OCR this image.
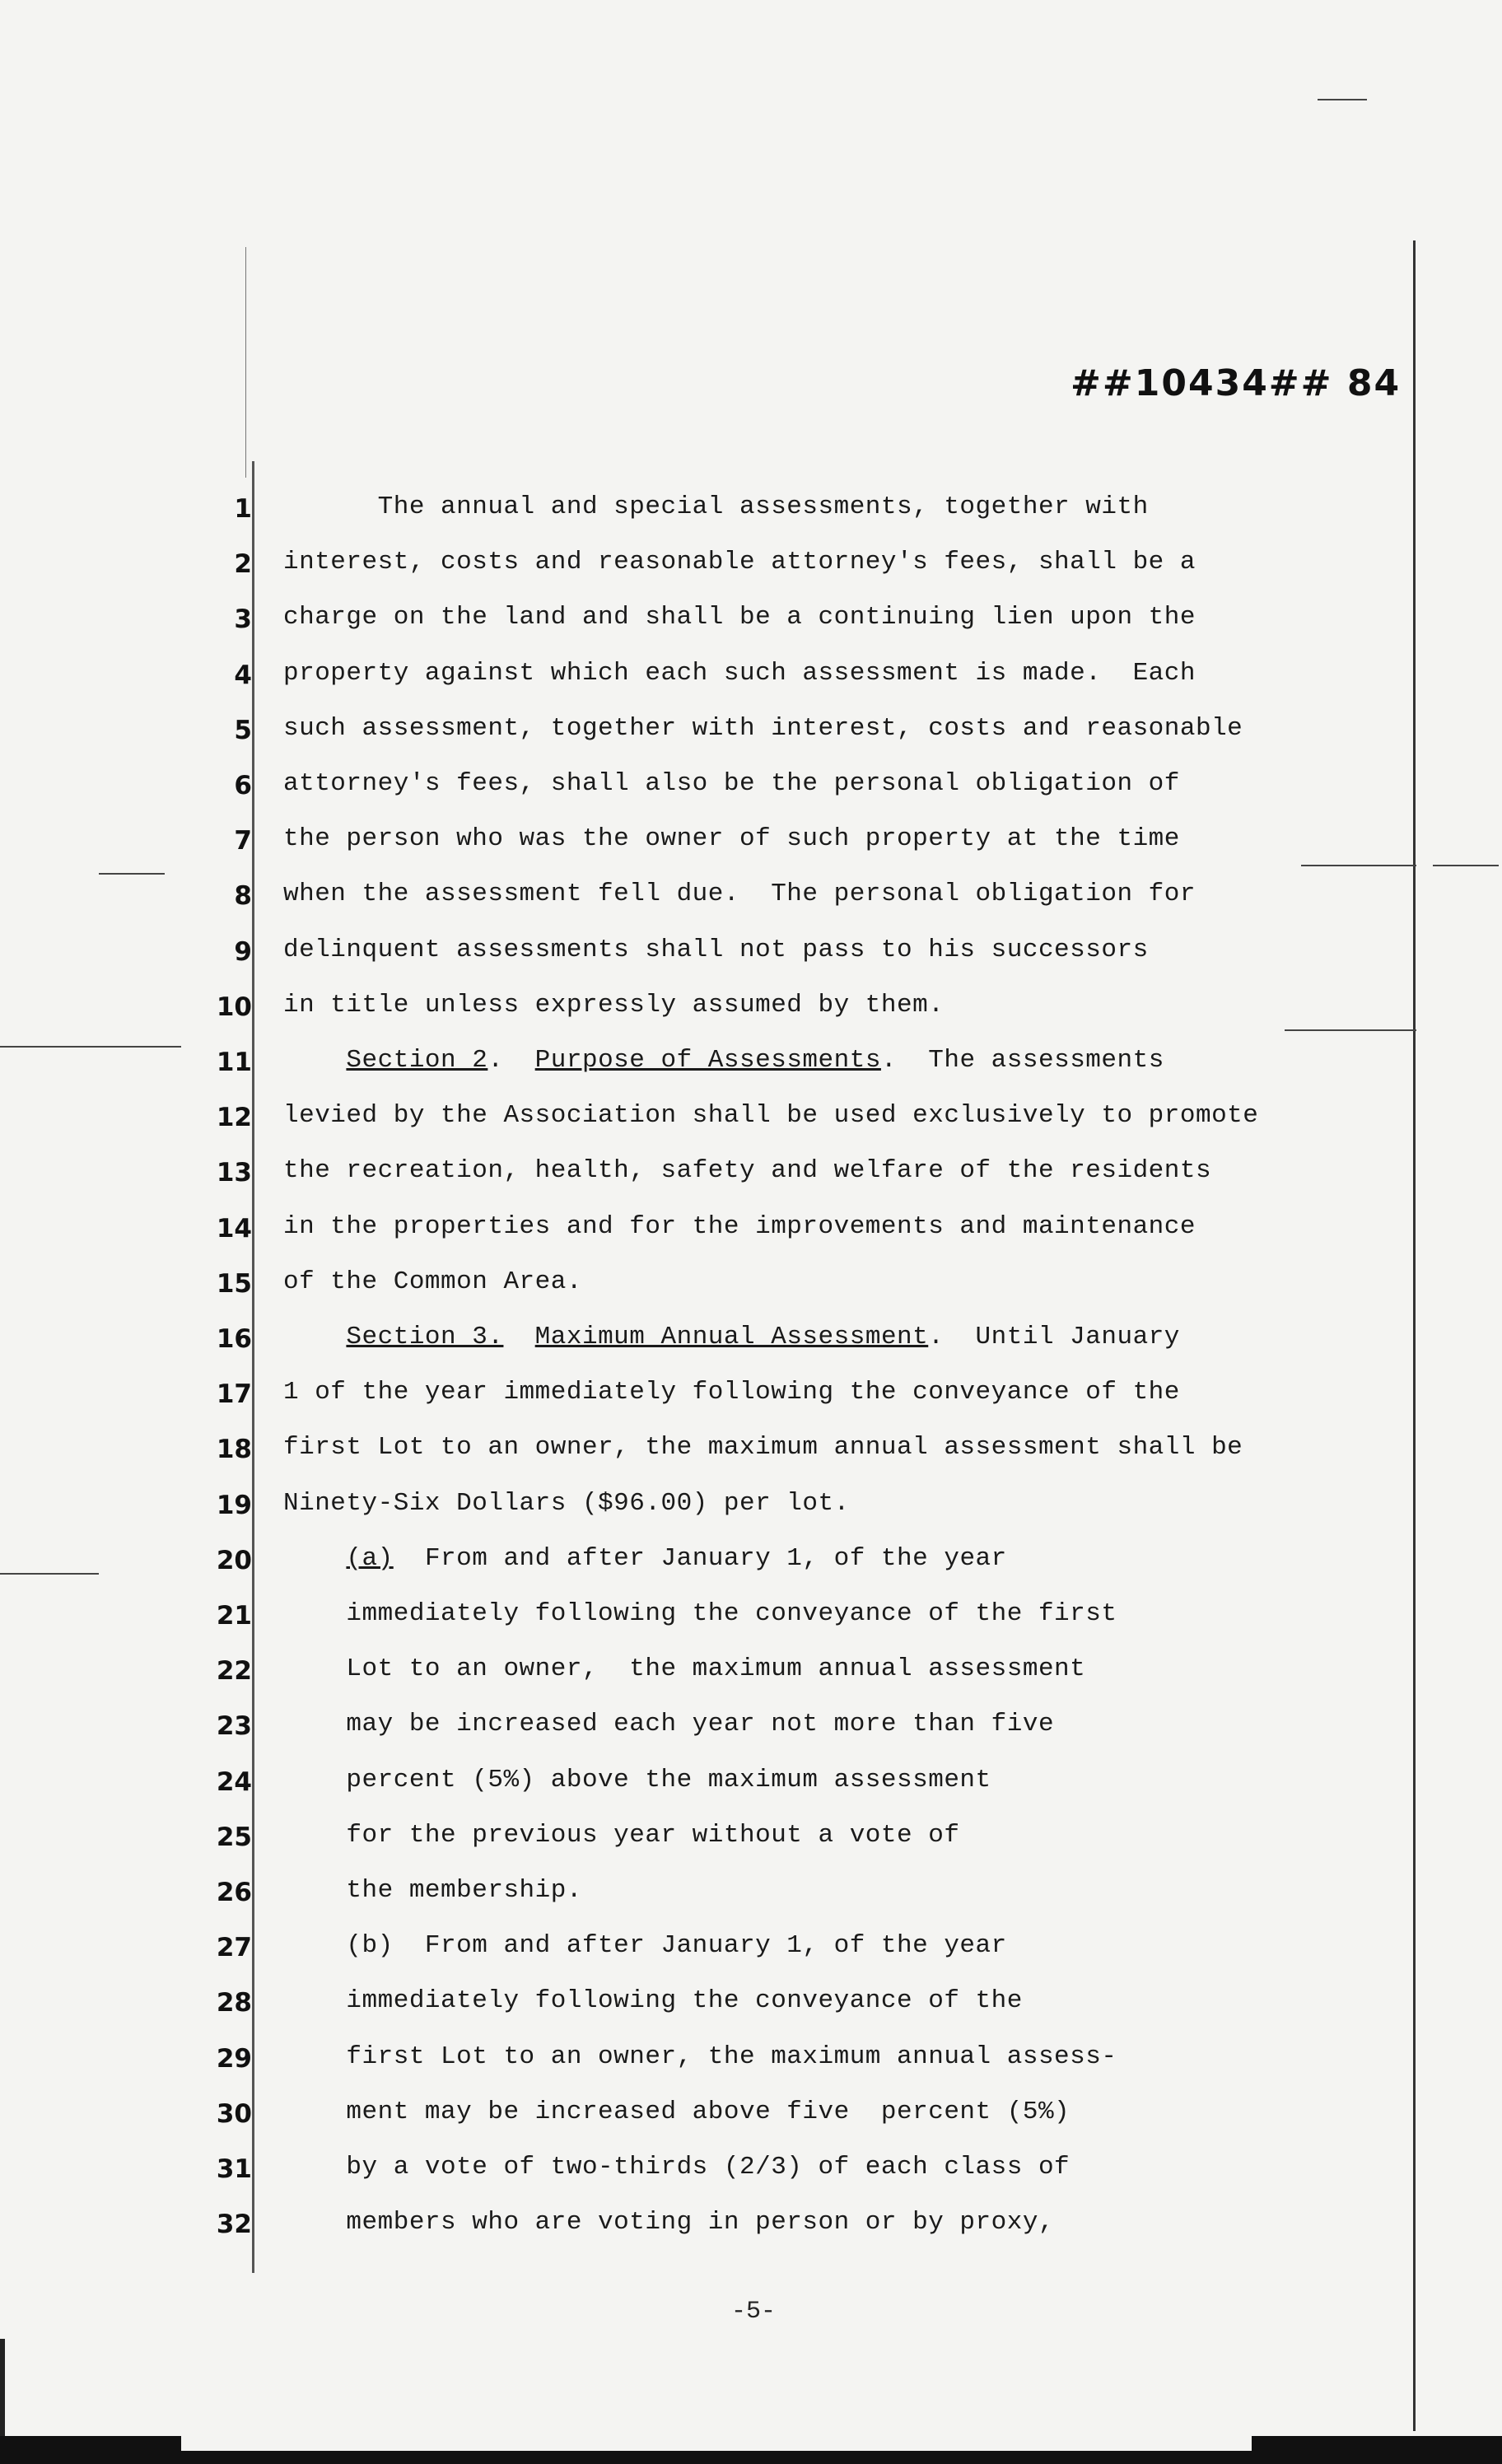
##10434## 84
1
2
3
4
5
6
7
8
9
10
11
12
13
14
15
16
17
18
19
20
21
22
23
24
25
26
27
28
29
30
31
32
The annual and special assessments, together with
interest, costs and reasonable attorney's fees, shall be a
charge on the land and shall be a continuing lien upon the
property against which each such assessment is made.  Each
such assessment, together with interest, costs and reasonable
attorney's fees, shall also be the personal obligation of
the person who was the owner of such property at the time
when the assessment fell due.  The personal obligation for
delinquent assessments shall not pass to his successors
in title unless expressly assumed by them.
Section 2.  Purpose of Assessments.  The assessments
levied by the Association shall be used exclusively to promote
the recreation, health, safety and welfare of the residents
in the properties and for the improvements and maintenance
of the Common Area.
Section 3. Maximum Annual Assessment.  Until January
1 of the year immediately following the conveyance of the
first Lot to an owner, the maximum annual assessment shall be
Ninety-Six Dollars ($96.00) per lot.
(a)  From and after January 1, of the year
immediately following the conveyance of the first
Lot to an owner,  the maximum annual assessment
may be increased each year not more than five
percent (5%) above the maximum assessment
for the previous year without a vote of
the membership.
(b)  From and after January 1, of the year
immediately following the conveyance of the
first Lot to an owner, the maximum annual assess-
ment may be increased above five  percent (5%)
by a vote of two-thirds (2/3) of each class of
members who are voting in person or by proxy,
-5-
